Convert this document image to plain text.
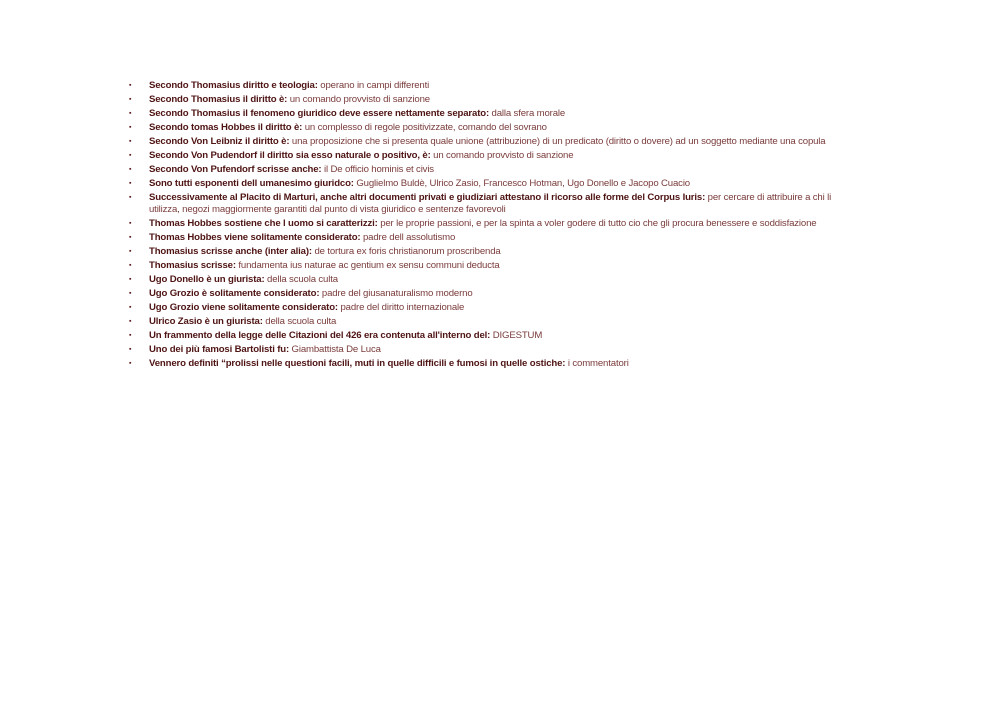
▪ Secondo Thomasius diritto e teologia: operano in campi differenti
▪ Secondo Thomasius il diritto è: un comando provvisto di sanzione
▪ Secondo Thomasius il fenomeno giuridico deve essere nettamente separato: dalla sfera morale
▪ Secondo tomas Hobbes il diritto è: un complesso di regole positivizzate, comando del sovrano
▪ Secondo Von Leibniz il diritto è: una proposizione che si presenta quale unione (attribuzione) di un predicato (diritto o dovere) ad un soggetto mediante una copula
▪ Secondo Von Pudendorf il diritto sia esso naturale o positivo, è: un comando provvisto di sanzione
▪ Secondo Von Pufendorf scrisse anche: il De officio hominis et civis
▪ Sono tutti esponenti dell umanesimo giuridco: Guglielmo Buldè, Ulrico Zasio, Francesco Hotman, Ugo Donello e Jacopo Cuacio
▪ Successivamente al Placito di Marturi, anche altri documenti privati e giudiziari attestano il ricorso alle forme del Corpus Iuris: per cercare di attribuire a chi li utilizza, negozi maggiormente garantiti dal punto di vista giuridico e sentenze favorevoli
▪ Thomas Hobbes sostiene che l uomo si caratterizzi: per le proprie passioni, e per la spinta a voler godere di tutto cio che gli procura benessere e soddisfazione
▪ Thomas Hobbes viene solitamente considerato: padre dell assolutismo
▪ Thomasius scrisse anche (inter alia): de tortura ex foris christianorum proscribenda
▪ Thomasius scrisse: fundamenta ius naturae ac gentium ex sensu communi deducta
▪ Ugo Donello è un giurista: della scuola culta
▪ Ugo Grozio è solitamente considerato: padre del giusanaturalismo moderno
▪ Ugo Grozio viene solitamente considerato: padre del diritto internazionale
▪ Ulrico Zasio è un giurista: della scuola culta
▪ Un frammento della legge delle Citazioni del 426 era contenuta all'interno del: DIGESTUM
▪ Uno dei più famosi Bartolisti fu: Giambattista De Luca
▪ Vennero definiti “prolissi nelle questioni facili, muti in quelle difficili e fumosi in quelle ostiche: i commentatori
